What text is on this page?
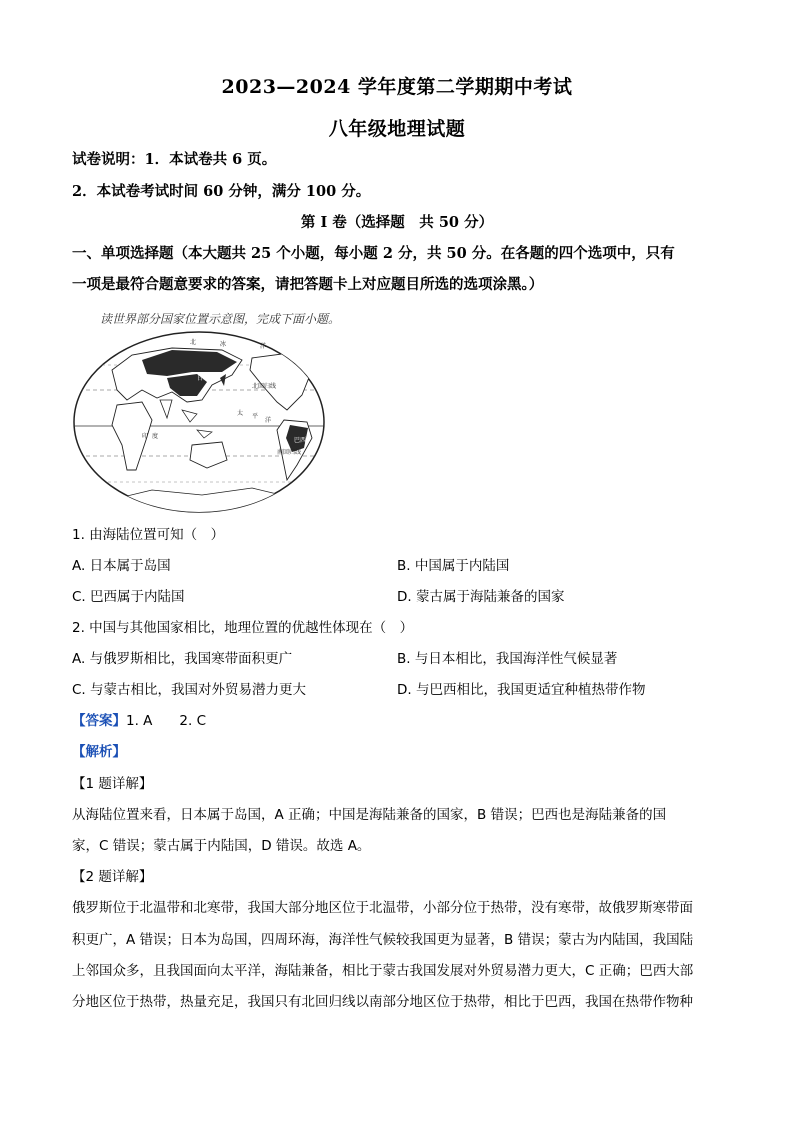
2023—2024 学年度第二学期期中考试
八年级地理试题
试卷说明：1．本试卷共 6 页。
2．本试卷考试时间 60 分钟，满分 100 分。
第 I 卷（选择题　共 50 分）
一、单项选择题（本大题共 25 个小题，每小题 2 分，共 50 分。在各题的四个选项中，只有
一项是最符合题意要求的答案，请把答题卡上对应题目所选的选项涂黑。）
读世界部分国家位置示意图，完成下面小题。
北	冰	洋
日本
北回归线
太 平
洋
印 度
巴西
南回归线
1. 由海陆位置可知（　）
A. 日本属于岛国	B. 中国属于内陆国
C. 巴西属于内陆国	D. 蒙古属于海陆兼备的国家
2. 中国与其他国家相比，地理位置的优越性体现在（　）
A. 与俄罗斯相比，我国寒带面积更广	B. 与日本相比，我国海洋性气候显著
C. 与蒙古相比，我国对外贸易潜力更大	D. 与巴西相比，我国更适宜种植热带作物
【答案】1. A　　2. C
【解析】
【1 题详解】
从海陆位置来看，日本属于岛国，A 正确；中国是海陆兼备的国家，B 错误；巴西也是海陆兼备的国
家，C 错误；蒙古属于内陆国，D 错误。故选 A。
【2 题详解】
俄罗斯位于北温带和北寒带，我国大部分地区位于北温带，小部分位于热带，没有寒带，故俄罗斯寒带面
积更广，A 错误；日本为岛国，四周环海，海洋性气候较我国更为显著，B 错误；蒙古为内陆国，我国陆
上邻国众多，且我国面向太平洋，海陆兼备，相比于蒙古我国发展对外贸易潜力更大，C 正确；巴西大部
分地区位于热带，热量充足，我国只有北回归线以南部分地区位于热带，相比于巴西，我国在热带作物种
